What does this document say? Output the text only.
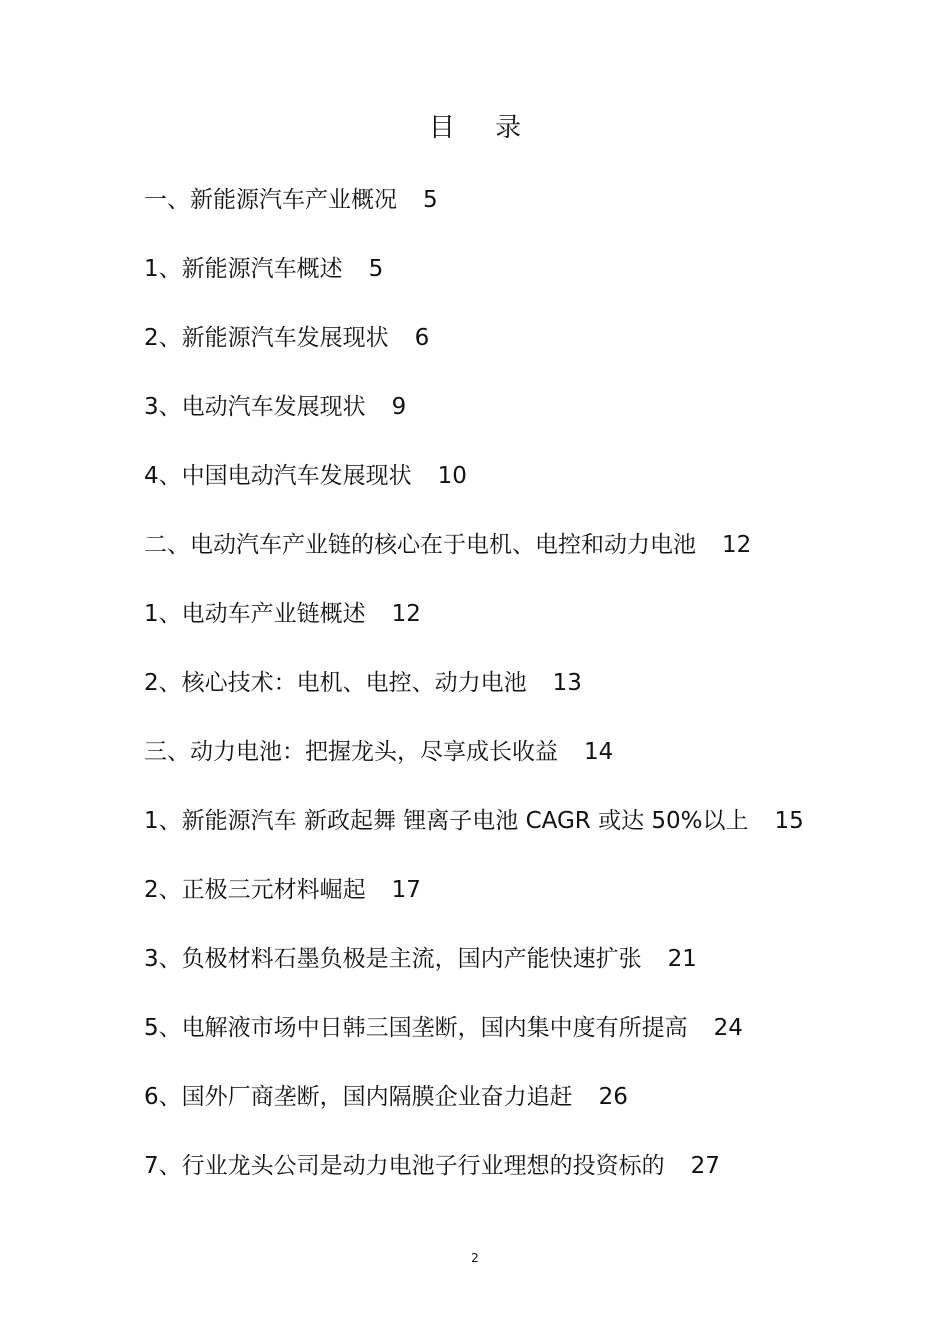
目 录
一、新能源汽车产业概况 5
1、新能源汽车概述 5
2、新能源汽车发展现状 6
3、电动汽车发展现状 9
4、中国电动汽车发展现状 10
二、电动汽车产业链的核心在于电机、电控和动力电池 12
1、电动车产业链概述 12
2、核心技术：电机、电控、动力电池 13
三、动力电池：把握龙头，尽享成长收益 14
1、新能源汽车 新政起舞 锂离子电池 CAGR 或达 50%以上 15
2、正极三元材料崛起 17
3、负极材料石墨负极是主流，国内产能快速扩张 21
5、电解液市场中日韩三国垄断，国内集中度有所提高 24
6、国外厂商垄断，国内隔膜企业奋力追赶 26
7、行业龙头公司是动力电池子行业理想的投资标的 27
2
